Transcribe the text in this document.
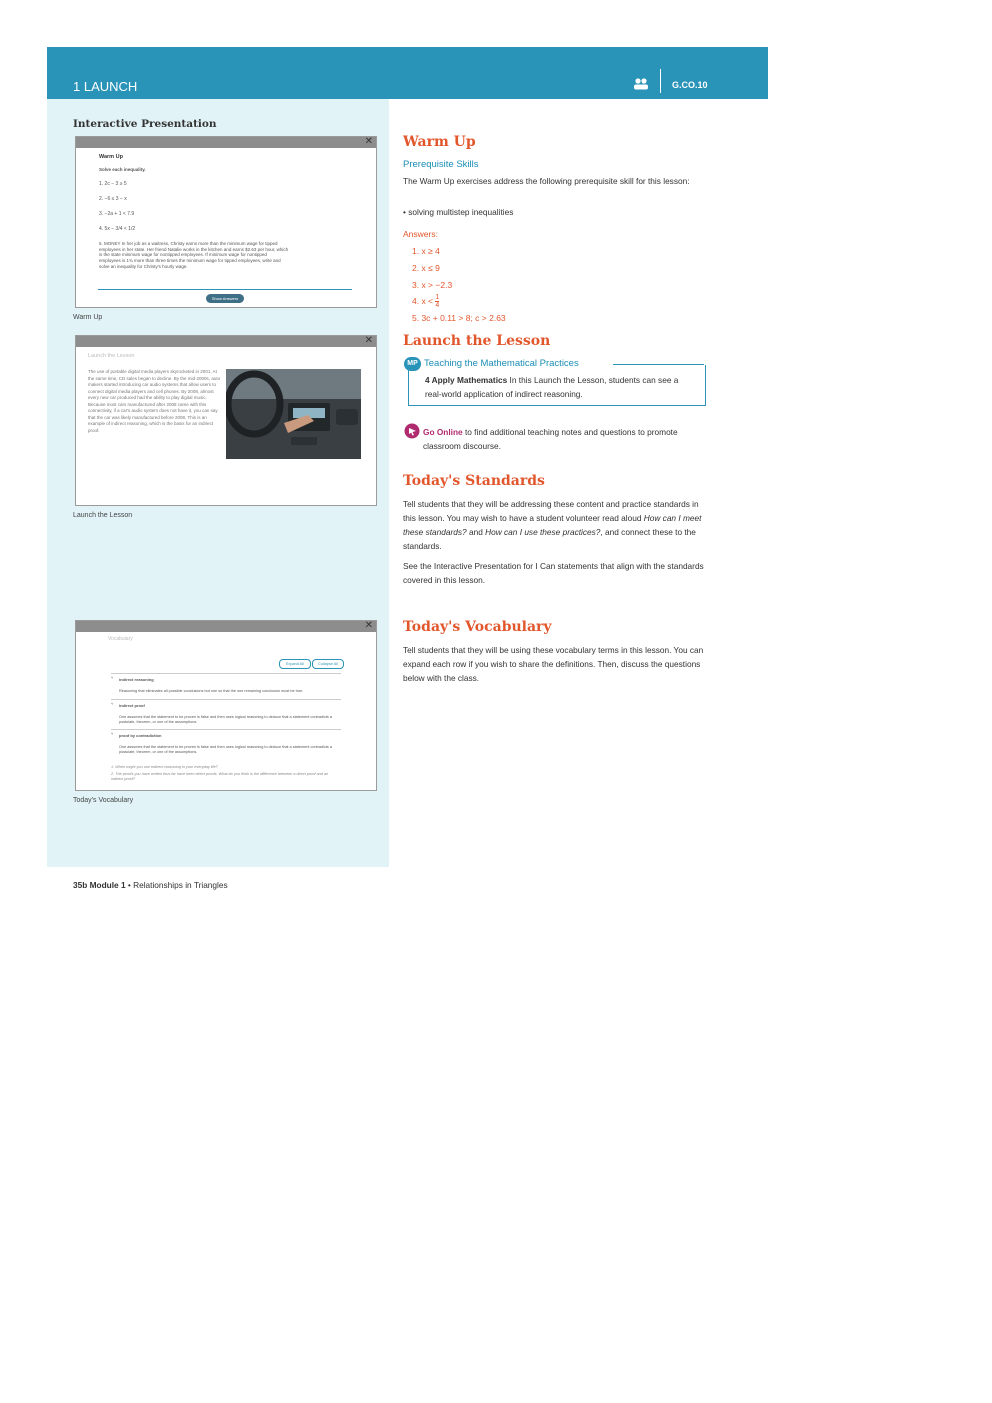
1 LAUNCH	G.CO.10
Interactive Presentation
✕
Warm Up
Solve each inequality.
1. 2c − 3 ≥ 5
2. −6 ≤ 3 − x
3. −2a + 1 < 7.9
4. 5x − 3/4 < 1/2
5. MONEY In her job as a waitress, Christy earns more than the minimum wage for tipped employees in her state. Her friend Natalie works in the kitchen and earns $2.63 per hour, which is the state minimum wage for nontipped employees. If minimum wage for nontipped employees is 1¾ more than three times the minimum wage for tipped employees, write and solve an inequality for Christy's hourly wage.
Show Answers
Warm Up
✕
Launch the Lesson
The use of portable digital media players skyrocketed in 2001. At the same time, CD sales began to decline. By the mid-2000s, auto makers started introducing car audio systems that allow users to connect digital media players and cell phones. By 2008, almost every new car produced had the ability to play digital music. Because most cars manufactured after 2008 came with this connectivity, if a car's audio system does not have it, you can say that the car was likely manufactured before 2008. This is an example of indirect reasoning, which is the basis for an indirect proof.
Launch the Lesson
✕
Vocabulary
Expand All	Collapse All
˅ indirect reasoning
Reasoning that eliminates all possible conclusions but one so that the one remaining conclusion must be true.
˅ indirect proof
One assumes that the statement to be proven is false and then uses logical reasoning to deduce that a statement contradicts a postulate, theorem, or one of the assumptions.
˅ proof by contradiction
One assumes that the statement to be proven is false and then uses logical reasoning to deduce that a statement contradicts a postulate, theorem, or one of the assumptions.
1. When might you use indirect reasoning in your everyday life?
2. The proofs you have written thus far have been direct proofs. What do you think is the difference between a direct proof and an indirect proof?
Today's Vocabulary
Warm Up
Prerequisite Skills
The Warm Up exercises address the following prerequisite skill for this lesson:
• solving multistep inequalities
Answers:
1. x ≥ 4
2. x ≤ 9
3. x > −2.3
4. $x < \frac{1}{4}$
5. 3c + 0.11 > 8; c > 2.63
Launch the Lesson
MP Teaching the Mathematical Practices
4 Apply Mathematics In this Launch the Lesson, students can see a real-world application of indirect reasoning.
Go Online to find additional teaching notes and questions to promote classroom discourse.
Today's Standards
Tell students that they will be addressing these content and practice standards in this lesson. You may wish to have a student volunteer read aloud How can I meet these standards? and How can I use these practices?, and connect these to the standards.
See the Interactive Presentation for I Can statements that align with the standards covered in this lesson.
Today's Vocabulary
Tell students that they will be using these vocabulary terms in this lesson. You can expand each row if you wish to share the definitions. Then, discuss the questions below with the class.
35b Module 1 • Relationships in Triangles
